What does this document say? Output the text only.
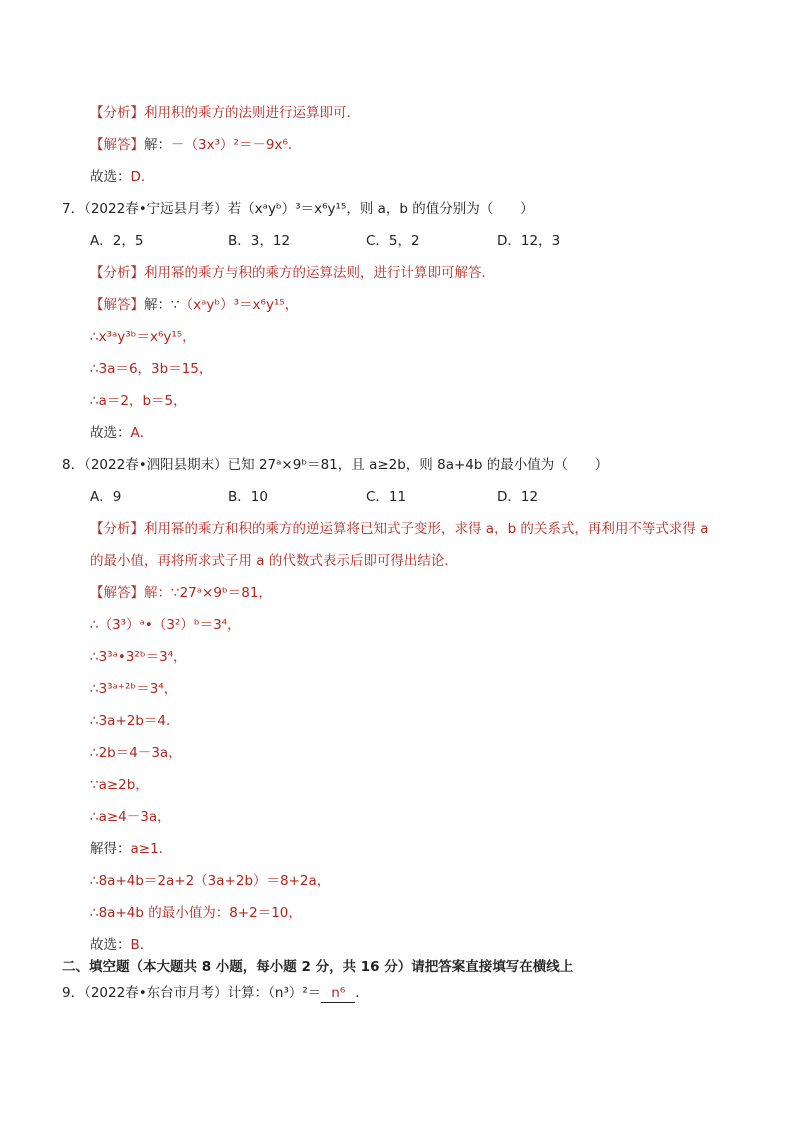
【分析】利用积的乘方的法则进行运算即可．
【解答】解：－（3x³）²＝－9x⁶．
故选：D．
7．（2022春•宁远县月考）若（xᵃyᵇ）³＝x⁶y¹⁵，则 a，b 的值分别为（　　）
A．2，5	B．3，12	C．5，2	D．12，3
【分析】利用幂的乘方与积的乘方的运算法则，进行计算即可解答．
【解答】解：∵（xᵃyᵇ）³＝x⁶y¹⁵，
∴x³ᵃy³ᵇ＝x⁶y¹⁵，
∴3a＝6，3b＝15，
∴a＝2，b＝5，
故选：A．
8．（2022春•泗阳县期末）已知 27ᵃ×9ᵇ＝81，且 a≥2b，则 8a+4b 的最小值为（　　）
A．9	B．10	C．11	D．12
【分析】利用幂的乘方和积的乘方的逆运算将已知式子变形，求得 a，b 的关系式，再利用不等式求得 a
的最小值，再将所求式子用 a 的代数式表示后即可得出结论．
【解答】解：∵27ᵃ×9ᵇ＝81，
∴（3³）ᵃ•（3²）ᵇ＝3⁴，
∴3³ᵃ•3²ᵇ＝3⁴，
∴3³ᵃ⁺²ᵇ＝3⁴，
∴3a+2b＝4．
∴2b＝4－3a，
∵a≥2b，
∴a≥4－3a，
解得：a≥1．
∴8a+4b＝2a+2（3a+2b）＝8+2a，
∴8a+4b 的最小值为：8+2＝10，
故选：B．
二、填空题（本大题共 8 小题，每小题 2 分，共 16 分）请把答案直接填写在横线上
9．（2022春•东台市月考）计算：（n³）²＝ n⁶ ．
